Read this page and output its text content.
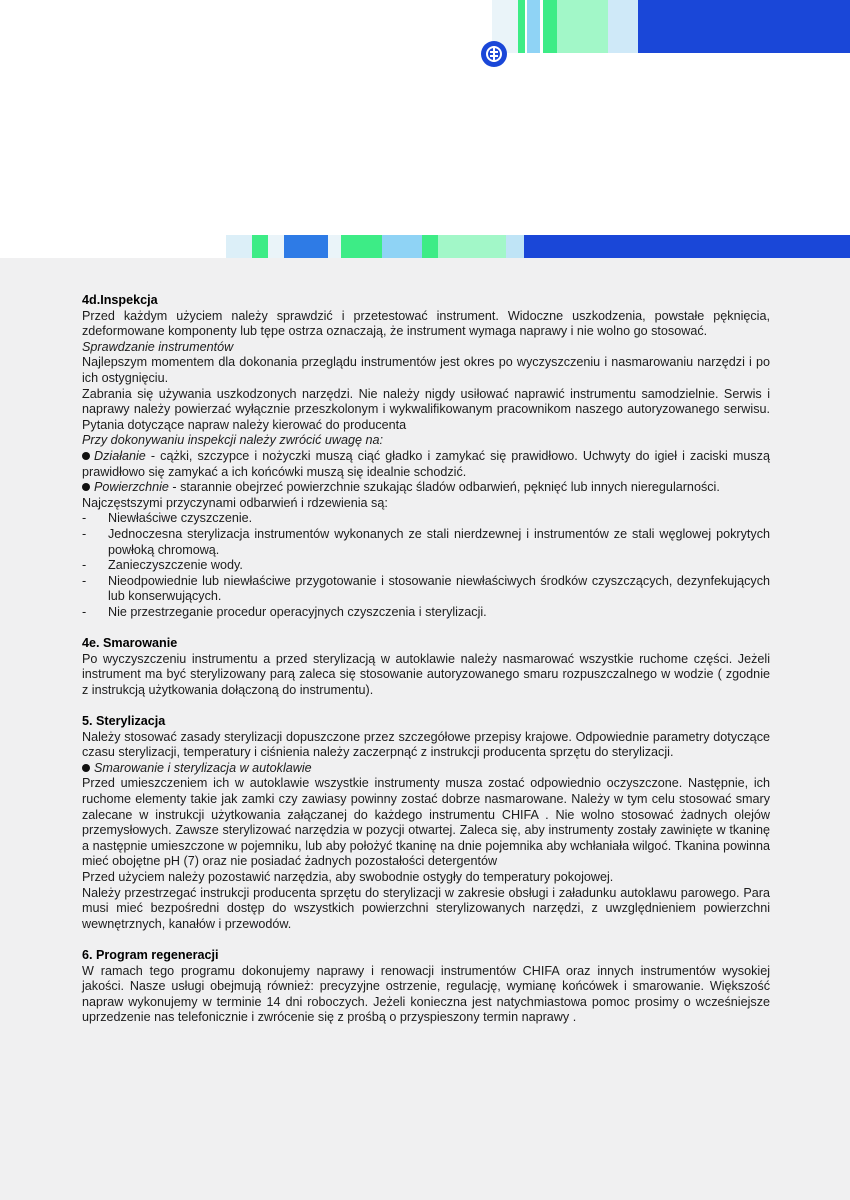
4d.Inspekcja

Przed każdym użyciem należy sprawdzić i przetestować instrument. Widoczne uszkodzenia, powstałe pęknięcia, zdeformowane komponenty lub tępe ostrza oznaczają, że instrument wymaga naprawy i nie wolno go stosować.

Sprawdzanie instrumentów

Najlepszym momentem dla dokonania przeglądu instrumentów jest okres po wyczyszczeniu i nasmarowaniu narzędzi i po ich ostygnięciu.

Zabrania się używania uszkodzonych narzędzi. Nie należy nigdy usiłować naprawić instrumentu samodzielnie. Serwis i naprawy należy powierzać wyłącznie przeszkolonym i wykwalifikowanym pracownikom naszego autoryzowanego serwisu. Pytania dotyczące napraw należy kierować do producenta

Przy dokonywaniu inspekcji należy zwrócić uwagę na:

Działanie - cążki, szczypce i nożyczki muszą ciąć gładko i zamykać się prawidłowo. Uchwyty do igieł i zaciski muszą prawidłowo się zamykać a ich końcówki muszą się idealnie schodzić.

Powierzchnie - starannie obejrzeć powierzchnie szukając śladów odbarwień, pęknięć lub innych nieregularności.

Najczęstszymi przyczynami odbarwień i rdzewienia są:

- Niewłaściwe czyszczenie.
- Jednoczesna sterylizacja instrumentów wykonanych ze stali nierdzewnej i instrumentów ze stali węglowej pokrytych powłoką chromową.
- Zanieczyszczenie wody.
- Nieodpowiednie lub niewłaściwe przygotowanie i stosowanie niewłaściwych środków czyszczących, dezynfekujących lub konserwujących.
- Nie przestrzeganie procedur operacyjnych czyszczenia i sterylizacji.
4e. Smarowanie

Po wyczyszczeniu instrumentu a przed sterylizacją w autoklawie należy nasmarować wszystkie ruchome części. Jeżeli instrument ma być sterylizowany parą zaleca się stosowanie autoryzowanego smaru rozpuszczalnego w wodzie ( zgodnie z instrukcją użytkowania dołączoną do instrumentu).

5. Sterylizacja

Należy stosować zasady sterylizacji dopuszczone przez szczegółowe przepisy krajowe. Odpowiednie parametry dotyczące czasu sterylizacji, temperatury i ciśnienia należy zaczerpnąć z instrukcji producenta sprzętu do sterylizacji.

Smarowanie i sterylizacja w autoklawie

Przed umieszczeniem ich w autoklawie wszystkie instrumenty musza zostać odpowiednio oczyszczone. Następnie, ich ruchome elementy takie jak zamki czy zawiasy powinny zostać dobrze nasmarowane. Należy w tym celu stosować smary zalecane w instrukcji użytkowania załączanej do każdego instrumentu CHIFA . Nie wolno stosować żadnych olejów przemysłowych. Zawsze sterylizować narzędzia w pozycji otwartej. Zaleca się, aby instrumenty zostały zawinięte w tkaninę a następnie umieszczone w pojemniku, lub aby położyć tkaninę na dnie pojemnika aby wchłaniała wilgoć. Tkanina powinna mieć obojętne pH (7) oraz nie posiadać żadnych pozostałości detergentów

Przed użyciem należy pozostawić narzędzia, aby swobodnie ostygły do temperatury pokojowej.

Należy przestrzegać instrukcji producenta sprzętu do sterylizacji w zakresie obsługi i załadunku autoklawu parowego. Para musi mieć bezpośredni dostęp do wszystkich powierzchni sterylizowanych narzędzi, z uwzględnieniem powierzchni wewnętrznych, kanałów i przewodów.

6. Program regeneracji

W ramach tego programu dokonujemy naprawy i renowacji instrumentów CHIFA oraz innych instrumentów wysokiej jakości. Nasze usługi obejmują również: precyzyjne ostrzenie, regulację, wymianę końcówek i smarowanie. Większość napraw wykonujemy w terminie 14 dni roboczych. Jeżeli konieczna jest natychmiastowa pomoc prosimy o wcześniejsze uprzedzenie nas telefonicznie i zwrócenie się z prośbą o przyspieszony termin naprawy .
